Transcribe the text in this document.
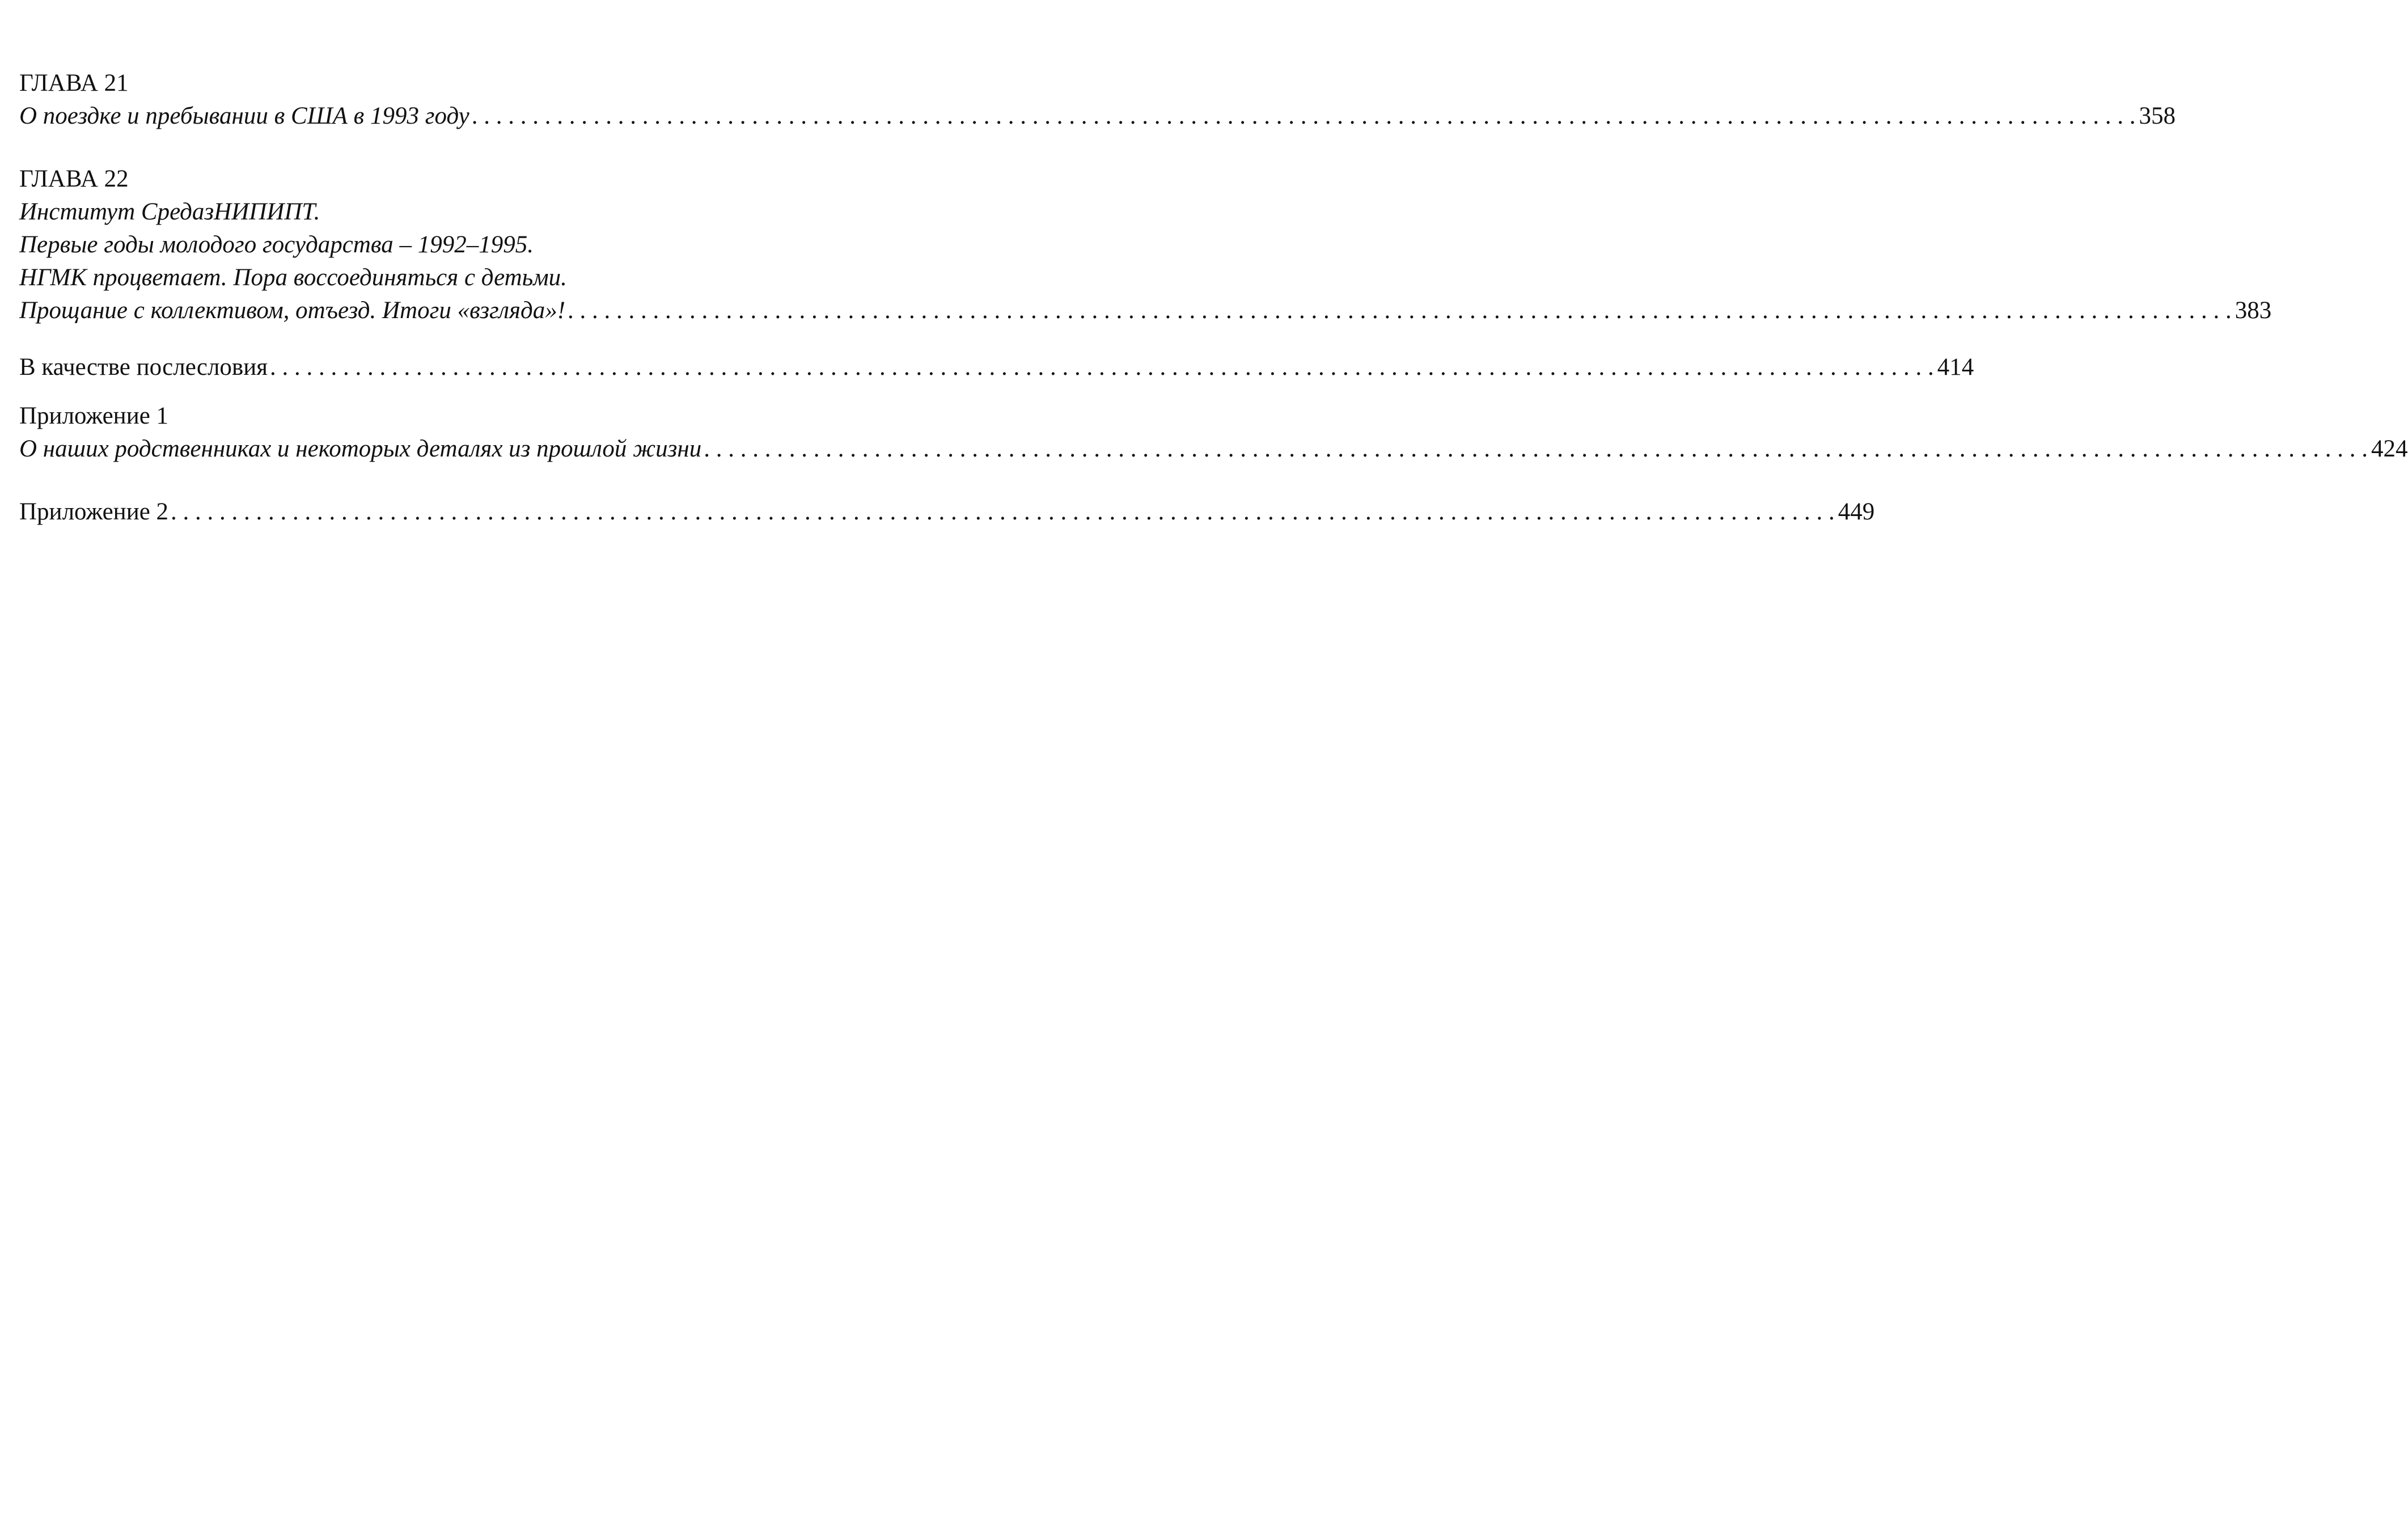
ГЛАВА 21
О поездке и пребывании в США в 1993 году . . .	358
ГЛАВА 22
Институт СредазНИПИПТ.
Первые годы молодого государства – 1992–1995.
НГМК процветает. Пора воссоединяться с детьми.
Прощание с коллективом, отъезд. Итоги «взгляда»! . . .	383
В качестве послесловия . . .	414
Приложение 1
О наших родственниках и некоторых деталях из прошлой жизни . . .	424
Приложение 2 . . .	449
